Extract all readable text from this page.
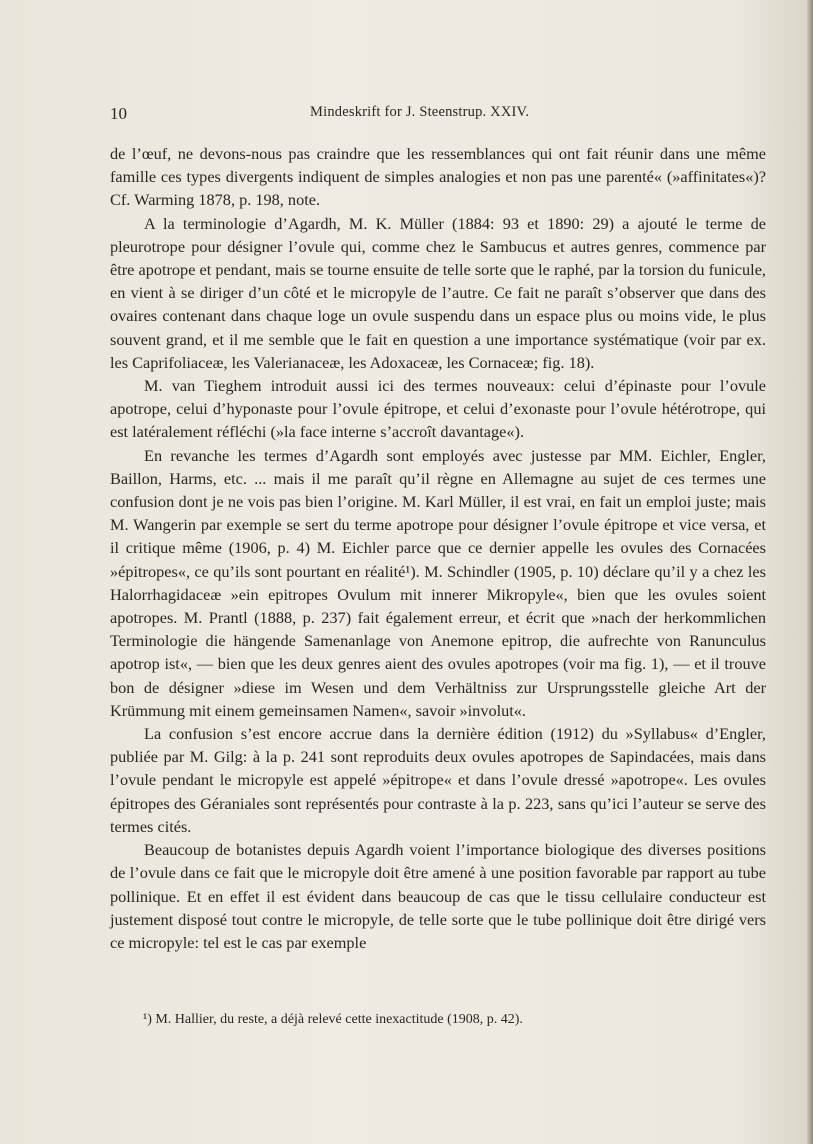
10	Mindeskrift for J. Steenstrup. XXIV.

de l’œuf, ne devons-nous pas craindre que les ressemblances qui ont fait réunir dans une même famille ces types divergents indiquent de simples analogies et non pas une parenté« (»affinitates«)? Cf. Warming 1878, p. 198, note.

A la terminologie d’Agardh, M. K. Müller (1884: 93 et 1890: 29) a ajouté le terme de pleurotrope pour désigner l’ovule qui, comme chez le Sambucus et autres genres, commence par être apotrope et pendant, mais se tourne ensuite de telle sorte que le raphé, par la torsion du funicule, en vient à se diriger d’un côté et le micropyle de l’autre. Ce fait ne paraît s’observer que dans des ovaires contenant dans chaque loge un ovule suspendu dans un espace plus ou moins vide, le plus souvent grand, et il me semble que le fait en question a une importance systématique (voir par ex. les Caprifoliaceæ, les Valerianaceæ, les Adoxaceæ, les Cornaceæ; fig. 18).

M. van Tieghem introduit aussi ici des termes nouveaux: celui d’épinaste pour l’ovule apotrope, celui d’hyponaste pour l’ovule épitrope, et celui d’exonaste pour l’ovule hétérotrope, qui est latéralement réfléchi (»la face interne s’accroît davantage«).

En revanche les termes d’Agardh sont employés avec justesse par MM. Eichler, Engler, Baillon, Harms, etc. ... mais il me paraît qu’il règne en Allemagne au sujet de ces termes une confusion dont je ne vois pas bien l’origine. M. Karl Müller, il est vrai, en fait un emploi juste; mais M. Wangerin par exemple se sert du terme apotrope pour désigner l’ovule épitrope et vice versa, et il critique même (1906, p. 4) M. Eichler parce que ce dernier appelle les ovules des Cornacées »épitropes«, ce qu’ils sont pourtant en réalité¹). M. Schindler (1905, p. 10) déclare qu’il y a chez les Halorrhagidaceæ »ein epitropes Ovulum mit innerer Mikropyle«, bien que les ovules soient apotropes. M. Prantl (1888, p. 237) fait également erreur, et écrit que »nach der herkommlichen Terminologie die hängende Samenanlage von Anemone epitrop, die aufrechte von Ranunculus apotrop ist«, — bien que les deux genres aient des ovules apotropes (voir ma fig. 1), — et il trouve bon de désigner »diese im Wesen und dem Verhältniss zur Ursprungsstelle gleiche Art der Krümmung mit einem gemeinsamen Namen«, savoir »involut«.

La confusion s’est encore accrue dans la dernière édition (1912) du »Syllabus« d’Engler, publiée par M. Gilg: à la p. 241 sont reproduits deux ovules apotropes de Sapindacées, mais dans l’ovule pendant le micropyle est appelé »épitrope« et dans l’ovule dressé »apotrope«. Les ovules épitropes des Géraniales sont représentés pour contraste à la p. 223, sans qu’ici l’auteur se serve des termes cités.

Beaucoup de botanistes depuis Agardh voient l’importance biologique des diverses positions de l’ovule dans ce fait que le micropyle doit être amené à une position favorable par rapport au tube pollinique. Et en effet il est évident dans beaucoup de cas que le tissu cellulaire conducteur est justement disposé tout contre le micropyle, de telle sorte que le tube pollinique doit être dirigé vers ce micropyle: tel est le cas par exemple

¹) M. Hallier, du reste, a déjà relevé cette inexactitude (1908, p. 42).
